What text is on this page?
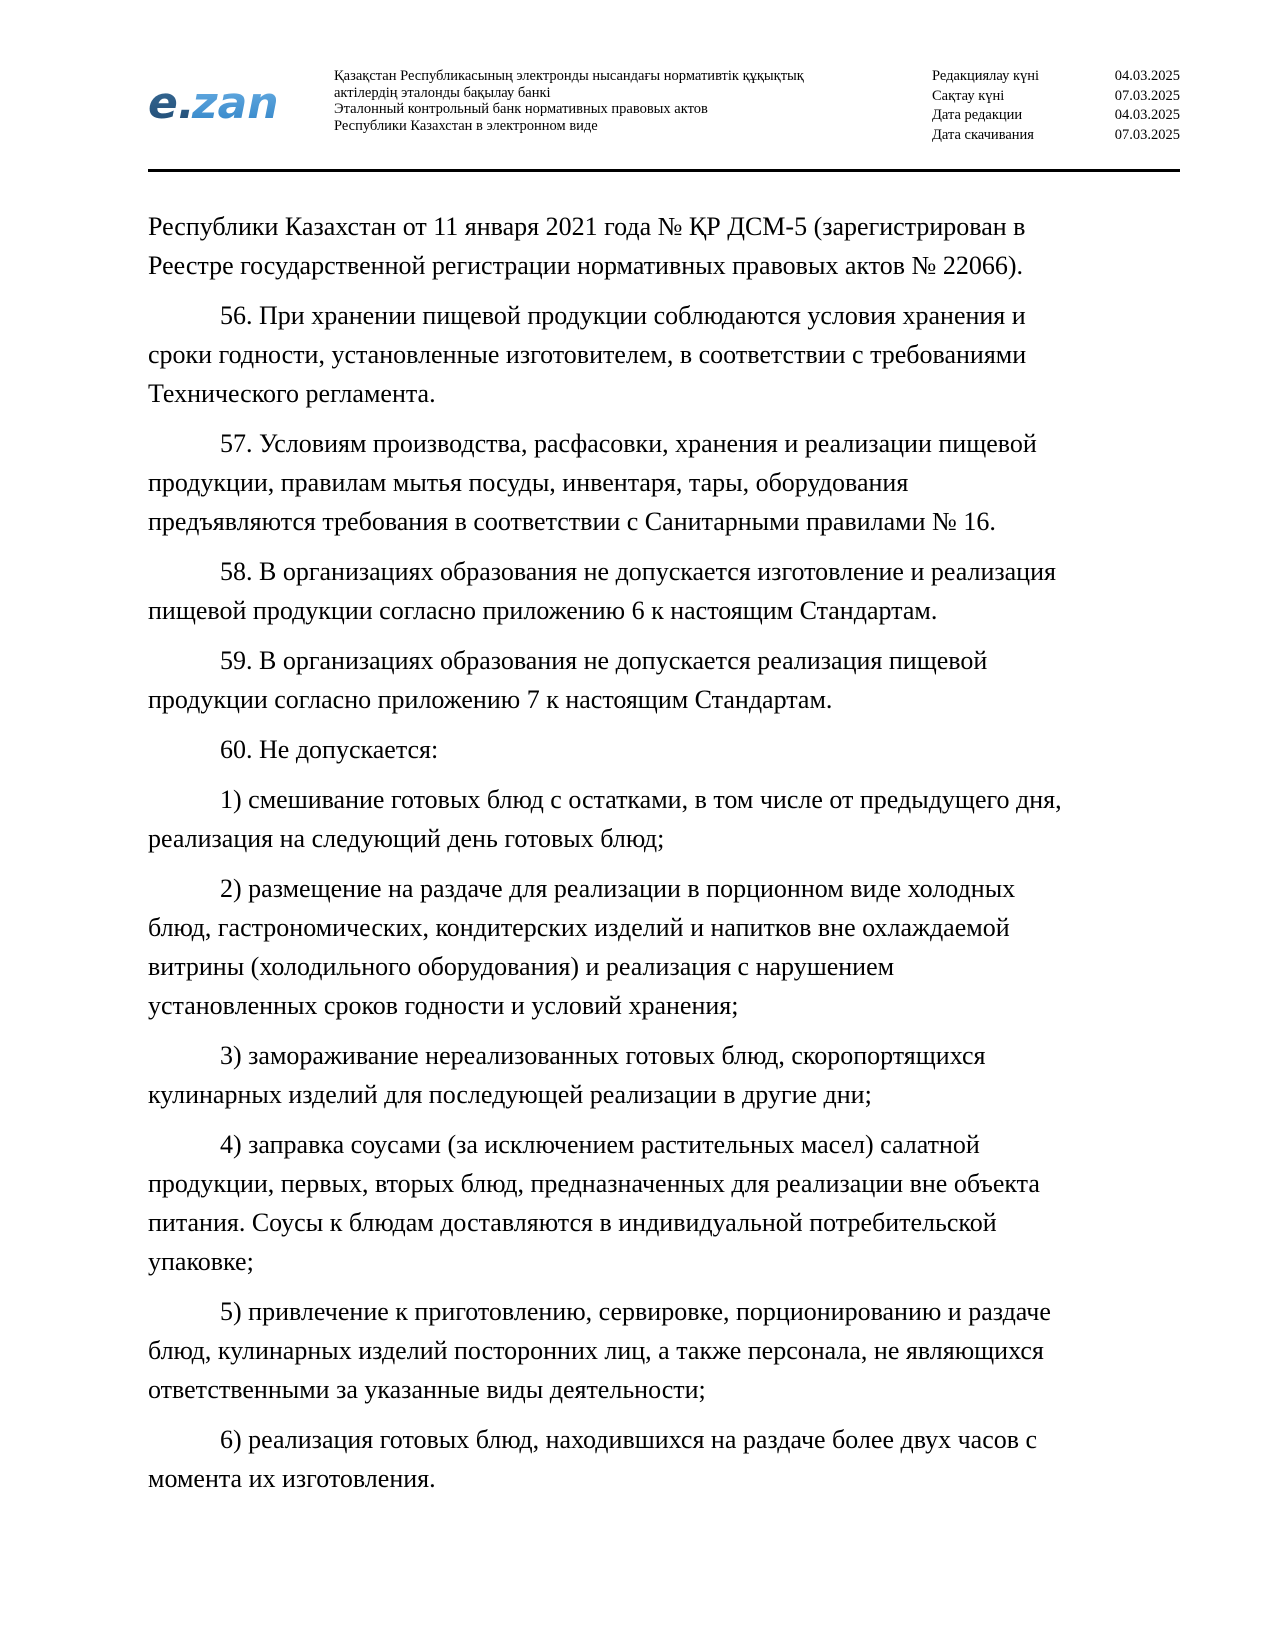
e.
zan
Қазақстан Республикасының электронды нысандағы нормативтік құқықтық
актілердің эталонды бақылау банкі
Эталонный контрольный банк нормативных правовых актов
Республики Казахстан в электронном виде
Редакциялау күні	04.03.2025
Сақтау күні	07.03.2025
Дата редакции	04.03.2025
Дата скачивания	07.03.2025

Республики Казахстан от 11 января 2021 года № ҚР ДСМ-5 (зарегистрирован в
Реестре государственной регистрации нормативных правовых актов № 22066).

56. При хранении пищевой продукции соблюдаются условия хранения и
сроки годности, установленные изготовителем, в соответствии с требованиями
Технического регламента.

57. Условиям производства, расфасовки, хранения и реализации пищевой
продукции, правилам мытья посуды, инвентаря, тары, оборудования
предъявляются требования в соответствии с Санитарными правилами № 16.

58. В организациях образования не допускается изготовление и реализация
пищевой продукции согласно приложению 6 к настоящим Стандартам.

59. В организациях образования не допускается реализация пищевой
продукции согласно приложению 7 к настоящим Стандартам.

60. Не допускается:

1) смешивание готовых блюд с остатками, в том числе от предыдущего дня,
реализация на следующий день готовых блюд;

2) размещение на раздаче для реализации в порционном виде холодных
блюд, гастрономических, кондитерских изделий и напитков вне охлаждаемой
витрины (холодильного оборудования) и реализация с нарушением
установленных сроков годности и условий хранения;

3) замораживание нереализованных готовых блюд, скоропортящихся
кулинарных изделий для последующей реализации в другие дни;

4) заправка соусами (за исключением растительных масел) салатной
продукции, первых, вторых блюд, предназначенных для реализации вне объекта
питания. Соусы к блюдам доставляются в индивидуальной потребительской
упаковке;

5) привлечение к приготовлению, сервировке, порционированию и раздаче
блюд, кулинарных изделий посторонних лиц, а также персонала, не являющихся
ответственными за указанные виды деятельности;

6) реализация готовых блюд, находившихся на раздаче более двух часов с
момента их изготовления.
